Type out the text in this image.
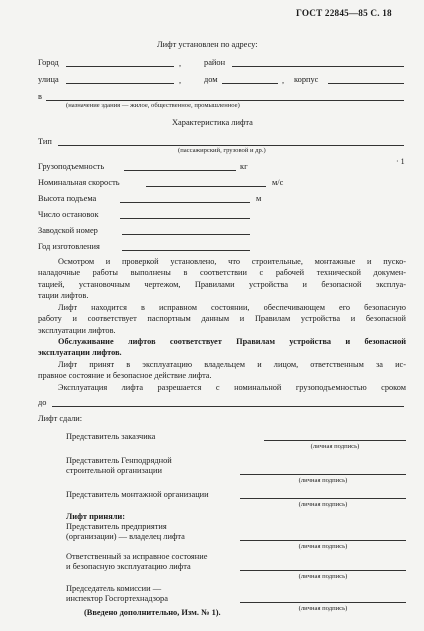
ГОСТ 22845—85 С. 18
Лифт установлен по адресу:
Город	,	район
улица	,	дом	, корпус
в
(назначение здания — жилое, общественное, промышленное)
Характеристика лифта
Тип
(пассажирский, грузовой и др.)
Грузоподъемность	кг
· 1
Номинальная скорость	м/с
Высота подъема	м
Число остановок
Заводской номер
Год изготовления
Осмотром и проверкой установлено, что строительные, монтажные и пуско-
наладочные работы выполнены в соответствии с рабочей технической докумен-
тацией, установочным чертежом, Правилами устройства и безопасной эксплуа-
тации лифтов.
Лифт находится в исправном состоянии, обеспечивающем его безопасную
работу и соответствует паспортным данным и Правилам устройства и безопасной
эксплуатации лифтов.
Обслуживание лифтов соответствует Правилам устройства и безопасной
эксплуатации лифтов.
Лифт принят в эксплуатацию владельцем и лицом, ответственным за ис-
правное состояние и безопасное действие лифта.
Эксплуатация лифта разрешается с номинальной грузоподъемностью сроком
до
Лифт сдали:
Представитель заказчика
(личная подпись)
Представитель Генподрядной
строительной организации
(личная подпись)
Представитель монтажной организации
(личная подпись)
Лифт приняли:
Представитель предприятия
(организации) — владелец лифта
(личная подпись)
Ответственный за исправное состояние
и безопасную эксплуатацию лифта
(личная подпись)
Председатель комиссии —
инспектор Госгортехнадзора
(личная подпись)
(Введено дополнительно, Изм. № 1).
